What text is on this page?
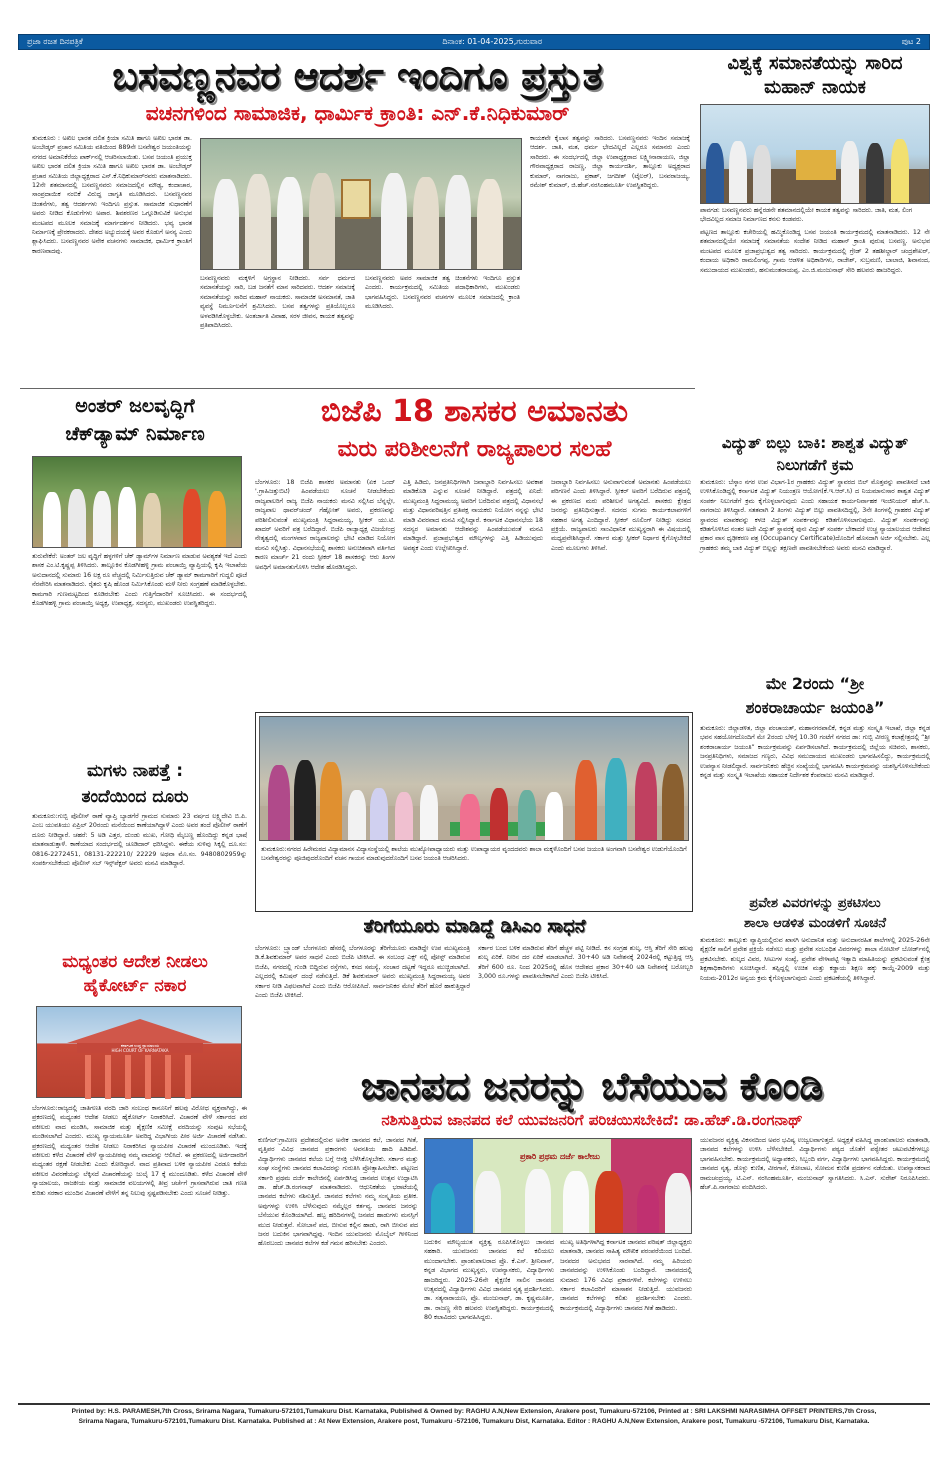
ಪ್ರಜಾ ರಜತ ದಿನಪತ್ರಿಕೆ	ದಿನಾಂಕ: 01-04-2025,ಗುರುವಾರ	ಪುಟ 2
ಬಸವಣ್ಣನವರ ಆದರ್ಶ ಇಂದಿಗೂ ಪ್ರಸ್ತುತ
ವಚನಗಳಿಂದ ಸಾಮಾಜಿಕ, ಧಾರ್ಮಿಕ ಕ್ರಾಂತಿ: ಎನ್.ಕೆ.ನಿಧಿಕುಮಾರ್
ತುಮಕೂರು : ಅಖಿಲ ಭಾರತ ದಲಿತ ಕ್ರಿಯಾ ಸಮಿತಿ ಹಾಗೂ ಅಖಿಲ ಭಾರತ ಡಾ. ಅಂಬೇಡ್ಕರ್ ಪ್ರಚಾರ ಸಮಿತಿಯ ವತಿಯಿಂದ 889ನೇ ಬಸವೇಶ್ವರ ಜಯಂತಿಯನ್ನು ನಗರದ ಅಮಾನಿಕೆರೆಯ ಪಾರ್ಕ್‌ನಲ್ಲಿ ಆಚರಿಸಲಾಯಿತು. ಬಸವ ಜಯಂತಿ ಪ್ರಯುಕ್ತ ಅಖಿಲ ಭಾರತ ದಲಿತ ಕ್ರಿಯಾ ಸಮಿತಿ ಹಾಗೂ ಅಖಿಲ ಭಾರತ ಡಾ. ಅಂಬೇಡ್ಕರ್ ಪ್ರಚಾರ ಸಮಿತಿಯ ಜಿಲ್ಲಾಧ್ಯಕ್ಷರಾದ ಎನ್.ಕೆ.ನಿಧಿಕುಮಾರ್‌ರವರು ಮಾತನಾಡಿದರು. 12ನೇ ಶತಮಾನದಲ್ಲಿ ಬಸವಣ್ಣನವರು ಸಮಾಜದಲ್ಲಿನ ಮೌಢ್ಯ, ಕಂದಾಚಾರ, ಸಾಂಪ್ರದಾಯಿಕ ನಂಬಿಕೆ ವಿರುದ್ಧ ಜಾಗೃತಿ ಮೂಡಿಸಿದರು. ಬಸವಣ್ಣನವರ ಚಿಂತನೆಗಳು, ತತ್ವ ಆದರ್ಶಗಳು ಇಂದಿಗೂ ಪ್ರಸ್ತುತ. ಸಾಮಾಜಿಕ ಸುಧಾರಣೆಗೆ ಅವರು ನೀಡಿದ ಕೊಡುಗೆಗಳು ಅಪಾರ. ಶಿವಶರಣರ ಒಗ್ಗೂಡಿಸುವಿಕೆ ಅನುಭವ ಮಂಟಪದ ಮೂಲಕ ಸಮಾಜಕ್ಕೆ ಮಾರ್ಗದರ್ಶನ ನೀಡಿದರು. ಭವ್ಯ ಭಾರತ ನಿರ್ಮಾಣಕ್ಕೆ ಪ್ರೇರಕರಾದರು. ದೇಶದ ಅಭ್ಯುದಯಕ್ಕೆ ಅವರ ಕೊಡುಗೆ ಅನನ್ಯ ಎಂದು ಶ್ಲಾಘಿಸಿದರು. ಬಸವಣ್ಣನವರ ಅನೇಕ ವಚನಗಳು ಸಾಮಾಜಿಕ, ಧಾರ್ಮಿಕ ಕ್ರಾಂತಿಗೆ ಕಾರಣವಾದವು.
ಬಸವಣ್ಣನವರು ಮಕ್ಕಳಿಗೆ ಅಗ್ರಸ್ಥಾನ ನೀಡಿದರು. ಸರ್ವ ಧರ್ಮದ ಸಮಾನತೆಯನ್ನು ಸಾರಿ, ಬಡ ಜನತೆಗೆ ಮಾನ ಸಾರಿದವರು. ಆದರ್ಶ ಸಮಾಜಕ್ಕೆ ಸಮಾನತೆಯನ್ನು ಸಾರಿದ ಮಹಾನ್ ನಾಯಕರು. ಸಾಮಾಜಿಕ ಅಸಮಾನತೆ, ಜಾತಿ ವ್ಯವಸ್ಥೆ ನಿರ್ಮೂಲನೆಗೆ ಶ್ರಮಿಸಿದರು. ಬಸವ ತತ್ವಗಳನ್ನು ಪ್ರತಿಯೊಬ್ಬರೂ ಅಳವಡಿಸಿಕೊಳ್ಳಬೇಕು. ಅಂತರ್ಜಾತಿ ವಿವಾಹ, ಸರಳ ಜೀವನ, ಕಾಯಕ ತತ್ವವನ್ನು ಪ್ರತಿಪಾದಿಸಿದರು.
ಬಸವಣ್ಣನವರು ಅವರ ಸಾಮಾಜಿಕ ತತ್ವ ಚಿಂತನೆಗಳು ಇಂದಿಗೂ ಪ್ರಸ್ತುತ ಎಂದರು. ಕಾರ್ಯಕ್ರಮದಲ್ಲಿ ಸಮಿತಿಯ ಪದಾಧಿಕಾರಿಗಳು, ಮುಖಂಡರು ಭಾಗವಹಿಸಿದ್ದರು. ಬಸವಣ್ಣನವರ ವಚನಗಳ ಮೂಲಕ ಸಮಾಜದಲ್ಲಿ ಕ್ರಾಂತಿ ಮೂಡಿಸಿದರು.
ಕಾಯಕವೇ ಕೈಲಾಸ ತತ್ವವನ್ನು ಸಾರಿದರು. ಬಸವಣ್ಣನವರು ಇಂದಿನ ಸಮಾಜಕ್ಕೆ ಆದರ್ಶ. ಜಾತಿ, ಮತ, ಧರ್ಮ ಭೇದವಿಲ್ಲದೆ ಎಲ್ಲರೂ ಸಮಾನರು ಎಂದು ಸಾರಿದರು. ಈ ಸಂದರ್ಭದಲ್ಲಿ ಜಿಲ್ಲಾ ಉಪಾಧ್ಯಕ್ಷರಾದ ಲಕ್ಷ್ಮೀನಾರಾಯಣ, ಜಿಲ್ಲಾ ಗೌರವಾಧ್ಯಕ್ಷರಾದ ರಾಜಣ್ಣ, ಜಿಲ್ಲಾ ಕಾರ್ಯದರ್ಶಿ, ತಾಲ್ಲೂಕು ಅಧ್ಯಕ್ಷರಾದ ಕುಮಾರ್, ನಾಗರಾಜು, ಪ್ರಕಾಶ್, ಜಗದೀಶ್ (ಟೈಲರ್), ಬಸವರಾಜಯ್ಯ, ರಮೇಶ್ ಕುಮಾರ್, ಜಿ.ಹೆಚ್.ನರಸಿಂಹಮೂರ್ತಿ ಉಪಸ್ಥಿತರಿದ್ದರು.
ವಿಶ್ವಕ್ಕೆ ಸಮಾನತೆಯನ್ನು ಸಾರಿದ ಮಹಾನ್ ನಾಯಕ
ಪಾವಗಡ: ಬಸವಣ್ಣನವರು ಹನ್ನೆರಡನೇ ಶತಮಾನದಲ್ಲಿಯೇ ಕಾಯಕ ತತ್ವವನ್ನು ಸಾರಿದರು. ಜಾತಿ, ಮತ, ಲಿಂಗ ಭೇದವಿಲ್ಲದ ಸಮಾಜ ನಿರ್ಮಾಣದ ಕನಸು ಕಂಡವರು.
ಪಟ್ಟಣದ ತಾಲ್ಲೂಕು ಕಚೇರಿಯಲ್ಲಿ ಹಮ್ಮಿಕೊಂಡಿದ್ದ ಬಸವ ಜಯಂತಿ ಕಾರ್ಯಕ್ರಮದಲ್ಲಿ ಮಾತನಾಡಿದರು. 12 ನೇ ಶತಮಾನದಲ್ಲಿಯೇ ಸಮಾಜಕ್ಕೆ ಸಮಾನತೆಯ ಸಂದೇಶ ನೀಡಿದ ಮಹಾನ್ ಕ್ರಾಂತಿ ಪುರುಷ ಬಸವಣ್ಣ. ಅನುಭವ ಮಂಟಪದ ಮೂಲಕ ಪ್ರಜಾಪ್ರಭುತ್ವದ ತತ್ವ ಸಾರಿದರು. ಕಾರ್ಯಕ್ರಮದಲ್ಲಿ ಗ್ರೇಡ್ 2 ತಹಶೀಲ್ದಾರ್ ಚಂದ್ರಶೇಖರ್, ಕಂದಾಯ ಅಧಿಕಾರಿ ರಾಮಲಿಂಗಪ್ಪ, ಗ್ರಾಮ ಆಡಳಿತ ಅಧಿಕಾರಿಗಳು, ರಾಜೇಶ್, ಸುಬ್ರಮಣಿ, ಬಾಲಾಜಿ, ಶಿವಾನಂದ, ಸಮುದಾಯದ ಮುಖಂಡರು, ಹನುಮಂತರಾಯಪ್ಪ, ಎಂ.ಜಿ.ಮಂಜುನಾಥ್ ಸೇರಿ ಹಲವರು ಹಾಜರಿದ್ದರು.
ಅಂತರ್ ಜಲವೃದ್ಧಿಗೆ
ಚೆಕ್‌ಡ್ಯಾಮ್ ನಿರ್ಮಾಣ
ತುರುವೇಕೆರೆ: ಅಂತರ್ ಜಲ ವೃದ್ಧಿಗೆ ಹಳ್ಳಗಳಿಗೆ ಚೆಕ್ ಡ್ಯಾಮ್‌ಗಳ ನಿರ್ಮಾಣ ಮಾಡುವ ಅವಶ್ಯಕತೆ ಇದೆ ಎಂದು ಶಾಸಕ ಎಂ.ಟಿ.ಕೃಷ್ಣಪ್ಪ ತಿಳಿಸಿದರು. ತಾಲ್ಲೂಕಿನ ಕೊಡಗೀಹಳ್ಳಿ ಗ್ರಾಮ ಪಂಚಾಯ್ತಿ ವ್ಯಾಪ್ತಿಯಲ್ಲಿ ಕೃಷಿ ಇಲಾಖೆಯ ಅನುದಾನದಲ್ಲಿ ಸುಮಾರು 16 ಲಕ್ಷ ರೂ ವೆಚ್ಚದಲ್ಲಿ ನಿರ್ಮಿಸುತ್ತಿರುವ ಚೆಕ್ ಡ್ಯಾಮ್ ಕಾಮಗಾರಿಗೆ ಗುದ್ದಲಿ ಪೂಜೆ ನೆರವೇರಿಸಿ ಮಾತನಾಡಿದರು. ರೈತರು ಕೃಷಿ ಹೊಂಡ ನಿರ್ಮಿಸಿಕೊಂಡು ಮಳೆ ನೀರು ಸಂಗ್ರಹಣೆ ಮಾಡಿಕೊಳ್ಳಬೇಕು. ಕಾಮಗಾರಿ ಗುಣಮಟ್ಟದಿಂದ ಕೂಡಿರಬೇಕು ಎಂದು ಗುತ್ತಿಗೆದಾರರಿಗೆ ಸೂಚಿಸಿದರು. ಈ ಸಂದರ್ಭದಲ್ಲಿ ಕೊಡಗೀಹಳ್ಳಿ ಗ್ರಾಮ ಪಂಚಾಯ್ತಿ ಅಧ್ಯಕ್ಷ, ಉಪಾಧ್ಯಕ್ಷ, ಸದಸ್ಯರು, ಮುಖಂಡರು ಉಪಸ್ಥಿತರಿದ್ದರು.
ಬಿಜೆಪಿ 18 ಶಾಸಕರ ಅಮಾನತು
ಮರು ಪರಿಶೀಲನೆಗೆ ರಾಜ್ಯಪಾಲರ ಸಲಹೆ
ಬೆಂಗಳೂರು: 18 ಬಿಜೆಪಿ ಶಾಸಕರ ಅಮಾನತು (ಏಕ ಒಂದ್ '.ಗ್ರಾಹಿಜತ್ತುಬಿಟಿ) ಹಿಂಪಡೆಯಲು ಸೂಚನೆ ನೀಡಬೇಕೆಂದು ರಾಜ್ಯಪಾಲರಿಗೆ ರಾಜ್ಯ ಬಿಜೆಪಿ ನಾಯಕರು ಮನವಿ ಸಲ್ಲಿಸಿದ ಬೆನ್ನಲ್ಲೇ, ರಾಜ್ಯಪಾಲ ಥಾವರ್‌ಚಂದ್ ಗೆಹ್ಲೋತ್ ಅವರು, ಪ್ರಕರಣವನ್ನು ಪರಿಶೀಲಿಸುವಂತೆ ಮುಖ್ಯಮಂತ್ರಿ ಸಿದ್ದರಾಮಯ್ಯ, ಸ್ಪೀಕರ್ ಯು.ಟಿ. ಖಾದರ್ ಅವರಿಗೆ ಪತ್ರ ಬರೆದಿದ್ದಾರೆ. ಬಿಜೆಪಿ ರಾಜ್ಯಾಧ್ಯಕ್ಷ ವಿಜಯೇಂದ್ರ ನೇತೃತ್ವದಲ್ಲಿ ಮಂಗಳವಾರ ರಾಜ್ಯಪಾಲರನ್ನು ಭೇಟಿ ಮಾಡಿದ ನಿಯೋಗ ಮನವಿ ಸಲ್ಲಿಸಿತ್ತು. ವಿಧಾನಸಭೆಯಲ್ಲಿ ಶಾಸಕರು ಅನುಚಿತವಾಗಿ ವರ್ತಿಸಿದ ಕಾರಣ ಮಾರ್ಚ್ 21 ರಂದು ಸ್ಪೀಕರ್ 18 ಶಾಸಕರನ್ನು ಆರು ತಿಂಗಳ ಅವಧಿಗೆ ಅಮಾನತುಗೊಳಿಸಿ ಆದೇಶ ಹೊರಡಿಸಿದ್ದರು.
ಎತ್ತಿ ಹಿಡಿದು, ಜನಪ್ರತಿನಿಧಿಗಳಾಗಿ ಜವಾಬ್ದಾರಿ ನಿರ್ವಹಿಸಲು ಅವಕಾಶ ಮಾಡಿಕೊಡಿ ಎನ್ನುವ ಸೂಚನೆ ನೀಡಿದ್ದಾರೆ. ಪತ್ರದಲ್ಲಿ ಏನಿದೆ: ಮುಖ್ಯಮಂತ್ರಿ ಸಿದ್ದರಾಮಯ್ಯ ಅವರಿಗೆ ಬರೆದಿರುವ ಪತ್ರದಲ್ಲಿ ವಿಧಾನಸಭೆ ಮತ್ತು ವಿಧಾನಪರಿಷತ್ತಿನ ಪ್ರತಿಪಕ್ಷ ನಾಯಕರು ನಿಯೋಗ ನನ್ನನ್ನು ಭೇಟಿ ಮಾಡಿ ವಿವರವಾದ ಮನವಿ ಸಲ್ಲಿಸಿದ್ದಾರೆ. ಕರ್ನಾಟಕ ವಿಧಾನಸಭೆಯ 18 ಸದಸ್ಯರ ಅಮಾನತು ಆದೇಶವನ್ನು ಹಿಂಪಡೆಯುವಂತೆ ಮನವಿ ಮಾಡಿದ್ದಾರೆ. ಪ್ರಜಾಪ್ರಭುತ್ವದ ಮೌಲ್ಯಗಳನ್ನು ಎತ್ತಿ ಹಿಡಿಯುವುದು ಅವಶ್ಯಕ ಎಂದು ಉಲ್ಲೇಖಿಸಿದ್ದಾರೆ.
ಜವಾಬ್ದಾರಿ ನಿರ್ವಹಿಸಲು ಅನುವಾಗುವಂತೆ ಅಮಾನತು ಹಿಂಪಡೆಯಲು ಪರಿಗಣನೆ ಎಂದು ತಿಳಿಸಿದ್ದಾರೆ. ಸ್ಪೀಕರ್ ಅವರಿಗೆ ಬರೆದಿರುವ ಪತ್ರದಲ್ಲಿ ಈ ಪ್ರಕರಣದ ಮರು ಪರಿಶೀಲನೆ ಅಗತ್ಯವಿದೆ. ಶಾಸಕರು ಕ್ಷೇತ್ರದ ಜನರನ್ನು ಪ್ರತಿನಿಧಿಸುತ್ತಾರೆ. ಸದನದ ಸುಗಮ ಕಾರ್ಯಕಲಾಪಗಳಿಗೆ ಸಹಕಾರ ಅಗತ್ಯ ಎಂದಿದ್ದಾರೆ. ಸ್ಪೀಕರ್ ರೂಲಿಂಗ್ ನೀಡಿದ್ದು ಸದನದ ಪ್ರಕ್ರಿಯೆ. ರಾಜ್ಯಪಾಲರು ಸಾಂವಿಧಾನಿಕ ಮುಖ್ಯಸ್ಥರಾಗಿ ಈ ವಿಷಯದಲ್ಲಿ ಮಧ್ಯಪ್ರವೇಶಿಸಿದ್ದಾರೆ. ಸರ್ಕಾರ ಮತ್ತು ಸ್ಪೀಕರ್ ನಿರ್ಧಾರ ಕೈಗೊಳ್ಳಬೇಕಿದೆ ಎಂದು ಮೂಲಗಳು ತಿಳಿಸಿವೆ.
ವಿದ್ಯುತ್ ಬಿಲ್ಲು ಬಾಕಿ: ಶಾಶ್ವತ ವಿದ್ಯುತ್ ನಿಲುಗಡೆಗೆ ಕ್ರಮ
ತುಮಕೂರು: ಬೆಸ್ಕಾಂ ನಗರ ಉಪ ವಿಭಾಗ-1ರ ಗ್ರಾಹಕರು ವಿದ್ಯುತ್ ಸ್ಥಾವರದ ಬಿಲ್ ಮೊತ್ತವನ್ನು ಪಾವತಿಸದೆ ಬಾಕಿ ಉಳಿಸಿಕೊಂಡಿದ್ದಲ್ಲಿ ಕರ್ನಾಟಕ ವಿದ್ಯುತ್ ನಿಯಂತ್ರಣ ಆಯೋಗ(ಕೆ.ಇ.ಆರ್.ಸಿ) ದ ನಿಯಮಾನುಸಾರ ಶಾಶ್ವತ ವಿದ್ಯುತ್ ಸಂಪರ್ಕ ನಿಲುಗಡೆಗೆ ಕ್ರಮ ಕೈಗೊಳ್ಳಲಾಗುವುದು ಎಂದು ಸಹಾಯಕ ಕಾರ್ಯನಿರ್ವಾಹಕ ಇಂಜಿನಿಯರ್ ಹೆಚ್.ಸಿ. ನಾಗರಾಜು ತಿಳಿಸಿದ್ದಾರೆ. ಸತತವಾಗಿ 2 ತಿಂಗಳು ವಿದ್ಯುತ್ ಬಿಲ್ಲು ಪಾವತಿಸದಿದ್ದಲ್ಲಿ, 3ನೇ ತಿಂಗಳಲ್ಲಿ ಗ್ರಾಹಕರ ವಿದ್ಯುತ್ ಸ್ಥಾವರದ ಮಾಪಕವನ್ನು ಕಳಚಿ ವಿದ್ಯುತ್ ಸಂಪರ್ಕವನ್ನು ಕಡಿತಗೊಳಿಸಲಾಗುವುದು. ವಿದ್ಯುತ್ ಸಂಪರ್ಕವನ್ನು ಕಡಿತಗೊಳಿಸಿದ ನಂತರ ಅದೇ ವಿದ್ಯುತ್ ಸ್ಥಾವರಕ್ಕೆ ಪುನಃ ವಿದ್ಯುತ್ ಸಂಪರ್ಕ ಬೇಕಾದರೆ ಉಚ್ಚ ನ್ಯಾಯಾಲಯದ ಆದೇಶದ ಪ್ರಕಾರ ವಾಸ ಧೃಢೀಕರಣ ಪತ್ರ (Occupancy Certificate)ದೊಂದಿಗೆ ಹೊಸದಾಗಿ ಅರ್ಜಿ ಸಲ್ಲಿಸಬೇಕು. ಎಲ್ಲ ಗ್ರಾಹಕರು ತಮ್ಮ ಬಾಕಿ ವಿದ್ಯುತ್ ಬಿಲ್ಲನ್ನು ತಕ್ಷಣವೇ ಪಾವತಿಸಬೇಕೆಂದು ಅವರು ಮನವಿ ಮಾಡಿದ್ದಾರೆ.
ಮೇ 2ರಂದು “ಶ್ರೀ
ಶಂಕರಾಚಾರ್ಯ ಜಯಂತಿ”
ತುಮಕೂರು: ಜಿಲ್ಲಾಡಳಿತ, ಜಿಲ್ಲಾ ಪಂಚಾಯತ್, ಮಹಾನಗರಪಾಲಿಕೆ, ಕನ್ನಡ ಮತ್ತು ಸಂಸ್ಕೃತಿ ಇಲಾಖೆ, ಜಿಲ್ಲಾ ಕನ್ನಡ ಭವನ ಸಹಯೋಗದೊಂದಿಗೆ ಮೇ 2ರಂದು ಬೆಳಿಗ್ಗೆ 10.30 ಗಂಟೆಗೆ ನಗರದ ಡಾ: ಗುಬ್ಬಿ ವೀರಣ್ಣ ಕಲಾಕ್ಷೇತ್ರದಲ್ಲಿ “ಶ್ರೀ ಶಂಕರಾಚಾರ್ಯ ಜಯಂತಿ” ಕಾರ್ಯಕ್ರಮವನ್ನು ಏರ್ಪಡಿಸಲಾಗಿದೆ. ಕಾರ್ಯಕ್ರಮದಲ್ಲಿ ಜಿಲ್ಲೆಯ ಸಚಿವರು, ಶಾಸಕರು, ಜನಪ್ರತಿನಿಧಿಗಳು, ಸಮಾಜದ ಗಣ್ಯರು, ವಿವಿಧ ಸಮುದಾಯದ ಮುಖಂಡರು ಭಾಗವಹಿಸಲಿದ್ದು, ಕಾರ್ಯಕ್ರಮದಲ್ಲಿ ಉಪನ್ಯಾಸ ನೀಡಲಿದ್ದಾರೆ. ಸಾರ್ವಜನಿಕರು ಹೆಚ್ಚಿನ ಸಂಖ್ಯೆಯಲ್ಲಿ ಭಾಗವಹಿಸಿ ಕಾರ್ಯಕ್ರಮವನ್ನು ಯಶಸ್ವಿಗೊಳಿಸಬೇಕೆಂದು ಕನ್ನಡ ಮತ್ತು ಸಂಸ್ಕೃತಿ ಇಲಾಖೆಯ ಸಹಾಯಕ ನಿರ್ದೇಶಕ ಕೆಂಪರಾಜು ಮನವಿ ಮಾಡಿದ್ದಾರೆ.
ತುಮಕೂರು:ನಗರದ ಹಿರೇಮಠದ ವಿದ್ಯಾಮಾನಸ ವಿದ್ಯಾಸಂಸ್ಥೆಯಲ್ಲಿ ಶಾಲೆಯ ಮುಖ್ಯೋಪಾಧ್ಯಾಯರು ಮತ್ತು ಉಪಾಧ್ಯಾಯರ ವೃಂದದವರು ಶಾಲಾ ಮಕ್ಕಳೊಂದಿಗೆ ಬಸವ ಜಯಂತಿ ಅಂಗವಾಗಿ ಬಸವೇಶ್ವರ ಉಡುಗೆಯೊಂದಿಗೆ ಬಸವೇಶ್ವರರನ್ನು ಪೂಜಿಪುದರೊಂದಿಗೆ ವಚನ ಗಾಯನ ಮಾಡುವುದರೊಂದಿಗೆ ಬಸವ ಜಯಂತಿ ಆಚರಿಸಿದರು.
ಮಗಳು ನಾಪತ್ತೆ :
ತಂದೆಯಿಂದ ದೂರು
ತುಮಕೂರು:ಗುಬ್ಬಿ ಪೊಲೀಸ್ ಠಾಣೆ ವ್ಯಾಪ್ತಿ ಬ್ಯಾಡಗೆರೆ ಗ್ರಾಮದ ಸುಮಾರು 23 ವರ್ಷದ ಲಕ್ಷ್ಮಿದೇವಿ ಬಿ.ಪಿ. ಎಂಬ ಯುವತಿಯು ಏಪ್ರಿಲ್ 20ರಂದು ಮನೆಯಿಂದ ಕಾಣೆಯಾಗಿದ್ದಾಳೆ ಎಂದು ಅವರ ತಂದೆ ಪೊಲೀಸ್ ಠಾಣೆಗೆ ದೂರು ನೀಡಿದ್ದಾರೆ. ಚಹರೆ: 5 ಅಡಿ ಎತ್ತರ, ದುಂಡು ಮುಖ, ಗೋಧಿ ಮೈಬಣ್ಣ ಹೊಂದಿದ್ದು ಕನ್ನಡ ಭಾಷೆ ಮಾತನಾಡುತ್ತಾಳೆ. ಕಾಣೆಯಾದ ಸಂದರ್ಭದಲ್ಲಿ ಚೂಡಿದಾರ್ ಧರಿಸಿದ್ದಳು. ಈಕೆಯ ಸುಳಿವು ಸಿಕ್ಕಲ್ಲಿ ದೂ.ಸಂ: 0816-2272451, 08131-222210/ 22229 ಅಥವಾ ಮೊ.ಸಂ. 9480802959ನ್ನು ಸಂಪರ್ಕಿಸಬೇಕೆಂದು ಪೊಲೀಸ್ ಸಬ್ ಇನ್ಸ್‌ಪೆಕ್ಟರ್ ಅವರು ಮನವಿ ಮಾಡಿದ್ದಾರೆ.
ಮಧ್ಯಂತರ ಆದೇಶ ನೀಡಲು
ಹೈಕೋರ್ಟ್ ನಕಾರ
ಕರ್ನಾಟಕ ಉಚ್ಚ ನ್ಯಾಯಾಲಯ
HIGH COURT OF KARNATAKA
ಬೆಂಗಳೂರು:ರಾಜ್ಯದಲ್ಲಿ ಜಾತಿಗಣತಿ ವರದಿ ಜಾರಿ ಸಂಬಂಧ ಕಾನೂನಿಗೆ ಹಲವು ವಿರೋಧ ವ್ಯಕ್ತವಾಗಿದ್ದು, ಈ ಪ್ರಕರಣದಲ್ಲಿ ಮಧ್ಯಂತರ ಆದೇಶ ನೀಡಲು ಹೈಕೋರ್ಟ್ ನಿರಾಕರಿಸಿದೆ. ವಿಚಾರಣೆ ವೇಳೆ ಸರ್ಕಾರದ ಪರ ವಕೀಲರು ವಾದ ಮಂಡಿಸಿ, ಸಾಮಾಜಿಕ ಮತ್ತು ಶೈಕ್ಷಣಿಕ ಸಮೀಕ್ಷೆ ವರದಿಯನ್ನು ಸಂಪುಟ ಸಭೆಯಲ್ಲಿ ಮಂಡಿಸಲಾಗಿದೆ ಎಂದರು. ಮುಖ್ಯ ನ್ಯಾಯಮೂರ್ತಿ ಅವರಿದ್ದ ವಿಭಾಗೀಯ ಪೀಠ ಅರ್ಜಿ ವಿಚಾರಣೆ ನಡೆಸಿತು. ಪ್ರಕರಣದಲ್ಲಿ ಮಧ್ಯಂತರ ಆದೇಶ ನೀಡಲು ನಿರಾಕರಿಸಿದ ನ್ಯಾಯಪೀಠ ವಿಚಾರಣೆ ಮುಂದೂಡಿತು. ಇದಕ್ಕೆ ವಕೀಲರು ಕಳೆದ ವಿಚಾರಣೆ ವೇಳೆ ನ್ಯಾಯಪೀಠವು ನಮ್ಮ ವಾದವನ್ನು ಆಲಿಸಿದೆ. ಈ ಪ್ರಕರಣದಲ್ಲಿ ಅರ್ಜಿದಾರರಿಗೆ ಮಧ್ಯಂತರ ರಕ್ಷಣೆ ನೀಡಬೇಕು ಎಂದು ಕೋರಿದ್ದಾರೆ. ವಾದ ಪ್ರತಿವಾದ ಬಳಿಕ ನ್ಯಾಯಪೀಠ ಎರಡೂ ಕಡೆಯ ವಕೀಲರ ವಿವರಣೆಯನ್ನು ಲೆಕ್ಕಿಸದೆ ವಿಚಾರಣೆಯನ್ನು ಜುಲೈ 17 ಕ್ಕೆ ಮುಂದೂಡಿತು. ಕಳೆದ ವಿಚಾರಣೆ ವೇಳೆ ನ್ಯಾಯಾಲಯ, ರಾಜಕೀಯ ಮತ್ತು ಸಾಮಾಜಿಕ ವಲಯಗಳಲ್ಲಿ ತೀವ್ರ ಚರ್ಚೆಗೆ ಗ್ರಾಸವಾಗಿರುವ ಜಾತಿ ಗಣತಿ ಕುರಿತು ಸರಕಾರ ಮುಂದಿನ ವಿಚಾರಣೆ ವೇಳೆಗೆ ತನ್ನ ನಿಲುವು ಸ್ಪಷ್ಟಪಡಿಸಬೇಕು ಎಂದು ಸೂಚನೆ ನೀಡಿತ್ತು.
ತೆರಿಗೆಯೂರು ಮಾಡಿದ್ದೆ ಡಿಸಿಎಂ ಸಾಧನೆ
ಬೆಂಗಳೂರು: ಬ್ರ್ಯಾಂಡ್ ಬೆಂಗಳೂರು ಹೆಸರಲ್ಲಿ ಬೆಂಗಳೂರನ್ನು ತೆರಿಗೆಯೂರು ಮಾಡಿದ್ದೇ ಉಪ ಮುಖ್ಯಮಂತ್ರಿ ಡಿ.ಕೆ.ಶಿವಕುಮಾರ್ ಅವರ ಸಾಧನೆ ಎಂದು ಬಿಜೆಪಿ ಟೀಕಿಸಿದೆ. ಈ ಸಂಬಂಧ ಎಕ್ಸ್ ನಲ್ಲಿ ಪೋಸ್ಟ್ ಮಾಡಿರುವ ಬಿಜೆಪಿ, ನಗರದಲ್ಲಿ ಗುಂಡಿ ಬಿದ್ದಿರುವ ರಸ್ತೆಗಳು, ಕಸದ ಸಮಸ್ಯೆ, ಸಂಚಾರ ದಟ್ಟಣೆ ಇದ್ದರೂ ಮುಚ್ಚಿಡಲಾಗಿದೆ. ಎಲ್ಲದರಲ್ಲಿ ಕಮಿಷನ್ ದಂಧೆ ನಡೆಸುತ್ತಿದೆ. ಡಿಕೆ ಶಿವಕುಮಾರ್ ಅವರು ಮುಖ್ಯಮಂತ್ರಿ ಸಿದ್ದರಾಮಯ್ಯ ಅವರ ಸರ್ಕಾರ ನೀಡಿ ವಿಫಲವಾಗಿದೆ ಎಂದು ಬಿಜೆಪಿ ಆರೋಪಿಸಿದೆ. ಸಾರ್ವಜನಿಕರ ಮೇಲೆ ತೆರಿಗೆ ಹೊರೆ ಹಾಕುತ್ತಿದ್ದಾರೆ ಎಂದು ಬಿಜೆಪಿ ಟೀಕಿಸಿದೆ.
ಸರ್ಕಾರ ಬಂದ ಬಳಿಕ ಮಾಡಿರುವ ತೆರಿಗೆ ಹೆಚ್ಚಳ ಪಟ್ಟಿ ನೀಡಿದೆ. ಕಸ ಸಂಗ್ರಹ ಶುಲ್ಕ, ಆಸ್ತಿ ತೆರಿಗೆ ಸೇರಿ ಹಲವು ಶುಲ್ಕ ಏರಿಕೆ. ನೀರಿನ ದರ ಏರಿಕೆ ಮಾಡಲಾಗಿದೆ. 30+40 ಅಡಿ ನಿವೇಶನಕ್ಕೆ 2024ರಲ್ಲಿ ಕಟ್ಟುತ್ತಿದ್ದ ಆಸ್ತಿ ತೆರಿಗೆ 600 ರೂ. ನಿಂದ 2025ರಲ್ಲಿ ಹೊಸ ಆದೇಶದ ಪ್ರಕಾರ 30+40 ಅಡಿ ನಿವೇಶನಕ್ಕೆ ಬರೋಬ್ಬರಿ 3,000 ರೂ.ಗಳನ್ನು ಪಾವತಿಸಬೇಕಾಗಿದೆ ಎಂದು ಬಿಜೆಪಿ ಟೀಕಿಸಿದೆ.
ಪ್ರವೇಶ ವಿವರಗಳನ್ನು ಪ್ರಕಟಿಸಲು
ಶಾಲಾ ಆಡಳಿತ ಮಂಡಳಿಗೆ ಸೂಚನೆ
ತುಮಕೂರು: ತಾಲ್ಲೂಕು ವ್ಯಾಪ್ತಿಯಲ್ಲಿರುವ ಖಾಸಗಿ ಅನುದಾನಿತ ಮತ್ತು ಅನುದಾನರಹಿತ ಶಾಲೆಗಳಲ್ಲಿ 2025-26ನೇ ಶೈಕ್ಷಣಿಕ ಸಾಲಿಗೆ ಪ್ರವೇಶ ಪ್ರಕ್ರಿಯೆ ನಡೆಸಲು ಮತ್ತು ಪ್ರವೇಶ ಸಂಬಂಧಿತ ವಿವರಗಳನ್ನು ಶಾಲಾ ನೋಟೀಸ್ ಬೋರ್ಡ್‌ನಲ್ಲಿ ಪ್ರಕಟಿಸಬೇಕು. ಶುಲ್ಕದ ವಿವರ, ಸೀಟುಗಳ ಸಂಖ್ಯೆ, ಪ್ರವೇಶ ವೇಳಾಪಟ್ಟಿ ಇತ್ಯಾದಿ ಮಾಹಿತಿಯನ್ನು ಪ್ರಕಟಿಸುವಂತೆ ಕ್ಷೇತ್ರ ಶಿಕ್ಷಣಾಧಿಕಾರಿಗಳು ಸೂಚಿಸಿದ್ದಾರೆ. ತಪ್ಪಿದ್ದಲ್ಲಿ ಉಚಿತ ಮತ್ತು ಕಡ್ಡಾಯ ಶಿಕ್ಷಣ ಹಕ್ಕು ಕಾಯ್ದೆ-2009 ಮತ್ತು ನಿಯಮ-2012ರ ಅನ್ವಯ ಕ್ರಮ ಕೈಗೊಳ್ಳಲಾಗುವುದು ಎಂದು ಪ್ರಕಟಣೆಯಲ್ಲಿ ತಿಳಿಸಿದ್ದಾರೆ.
ಜಾನಪದ ಜನರನ್ನು ಬೆಸೆಯುವ ಕೊಂಡಿ
ನಶಿಸುತ್ತಿರುವ ಜಾನಪದ ಕಲೆ ಯುವಜನರಿಗೆ ಪರಿಚಯಿಸಬೇಕಿದೆ: ಡಾ.ಹೆಚ್.ಡಿ.ರಂಗನಾಥ್
ಕುಣಿಗಲ್:ಗ್ರಾಮೀಣ ಪ್ರದೇಶದಲ್ಲಿರುವ ಅನೇಕ ಜಾನಪದ ಕಲೆ, ಜಾನಪದ ಗೀತೆ, ವೃತ್ತಿಪರ ವಿವಿಧ ಜಾನಪದ ಪ್ರಕಾರಗಳು ಅವನತಿಯ ಹಾದಿ ಹಿಡಿದಿವೆ. ವಿದ್ಯಾರ್ಥಿಗಳು ಜಾನಪದ ಕಲೆಯ ಬಗ್ಗೆ ಆಸಕ್ತಿ ಬೆಳೆಸಿಕೊಳ್ಳಬೇಕು. ಸರ್ಕಾರ ಮತ್ತು ಸಂಘ ಸಂಸ್ಥೆಗಳು ಜಾನಪದ ಕಲಾವಿದರನ್ನು ಗುರುತಿಸಿ ಪ್ರೋತ್ಸಾಹಿಸಬೇಕು. ಪಟ್ಟಣದ ಸರ್ಕಾರಿ ಪ್ರಥಮ ದರ್ಜೆ ಕಾಲೇಜಿನಲ್ಲಿ ಏರ್ಪಡಿಸಿದ್ದ ಜಾನಪದ ಉತ್ಸವ ಉದ್ಘಾಟಿಸಿ ಡಾ. ಹೆಚ್.ಡಿ.ರಂಗನಾಥ್ ಮಾತನಾಡಿದರು. ಆಧುನಿಕತೆಯ ಭರಾಟೆಯಲ್ಲಿ ಜಾನಪದ ಕಲೆಗಳು ನಶಿಸುತ್ತಿವೆ. ಜಾನಪದ ಕಲೆಗಳು ನಮ್ಮ ಸಂಸ್ಕೃತಿಯ ಪ್ರತೀಕ. ಅವುಗಳನ್ನು ಉಳಿಸಿ ಬೆಳೆಸುವುದು ನಮ್ಮೆಲ್ಲರ ಕರ್ತವ್ಯ. ಜಾನಪದ ಜನರನ್ನು ಬೆಸೆಯುವ ಕೊಂಡಿಯಾಗಿದೆ. ಹಬ್ಬ ಹರಿದಿನಗಳಲ್ಲಿ ಜನಪದ ಹಾಡುಗಳು ಮನಸ್ಸಿಗೆ ಮುದ ನೀಡುತ್ತವೆ. ಸೋಬಾನೆ ಪದ, ಬೀಸುವ ಕಲ್ಲಿನ ಹಾಡು, ರಾಗಿ ಬೀಸುವ ಪದ ಜನರ ಬದುಕಿನ ಭಾಗವಾಗಿದ್ದವು. ಇಂದಿನ ಯುವಜನರು ಮೊಬೈಲ್ ಗೀಳಿನಿಂದ ಹೊರಬಂದು ಜಾನಪದ ಕಲೆಗಳ ಕಡೆ ಗಮನ ಹರಿಸಬೇಕು ಎಂದರು.
ಪ್ರಕಾರಿ ಪ್ರಥಮ ದರ್ಜೆ ಕಾಲೇಜು
ಬದುಕಿನ ಮೌಲ್ಯಯುತ ವ್ಯಕ್ತಿತ್ವ ರೂಪಿಸಿಕೊಳ್ಳಲು ಜಾನಪದ ಸಹಕಾರಿ. ಯುವಜನರು ಜಾನಪದ ಕಲೆ ಕಲಿಯಲು ಮುಂದಾಗಬೇಕು. ಪ್ರಾಂಶುಪಾಲರಾದ ಪ್ರೊ. ಕೆ.ಎಸ್. ಶ್ರೀನಿವಾಸ್, ಕನ್ನಡ ವಿಭಾಗದ ಮುಖ್ಯಸ್ಥರು, ಉಪನ್ಯಾಸಕರು, ವಿದ್ಯಾರ್ಥಿಗಳು ಹಾಜರಿದ್ದರು. 2025-26ನೇ ಶೈಕ್ಷಣಿಕ ಸಾಲಿನ ಜಾನಪದ ಉತ್ಸವದಲ್ಲಿ ವಿದ್ಯಾರ್ಥಿಗಳು ವಿವಿಧ ಜಾನಪದ ನೃತ್ಯ ಪ್ರದರ್ಶಿಸಿದರು. ಡಾ. ಸತ್ಯನಾರಾಯಣ, ಪ್ರೊ. ಮಂಜುನಾಥ್, ಡಾ. ಕೃಷ್ಣಮೂರ್ತಿ, ಡಾ. ರಾಜಣ್ಣ ಸೇರಿ ಹಲವರು ಉಪಸ್ಥಿತರಿದ್ದರು. ಕಾರ್ಯಕ್ರಮದಲ್ಲಿ 80 ಕಲಾವಿದರು ಭಾಗವಹಿಸಿದ್ದರು.
ಮುಖ್ಯ ಅತಿಥಿಗಳಾಗಿದ್ದ ಕರ್ನಾಟಕ ಜಾನಪದ ಪರಿಷತ್ ಜಿಲ್ಲಾಧ್ಯಕ್ಷರು ಮಾತನಾಡಿ, ಜಾನಪದ ಸಾಹಿತ್ಯ ಮೌಖಿಕ ಪರಂಪರೆಯಿಂದ ಬಂದಿದೆ. ಜನಪದರ ಅನುಭವದ ಸಾರವಾಗಿದೆ. ನಮ್ಮ ಹಿರಿಯರು ಜಾನಪದವನ್ನು ಉಳಿಸಿಕೊಂಡು ಬಂದಿದ್ದಾರೆ. ಜಾನಪದದಲ್ಲಿ ಸುಮಾರು 176 ವಿವಿಧ ಪ್ರಕಾರಗಳಿವೆ. ಕಲೆಗಳನ್ನು ಉಳಿಸಲು ಸರ್ಕಾರ ಕಲಾವಿದರಿಗೆ ಮಾಸಾಶನ ನೀಡುತ್ತಿದೆ. ಯುವಜನರು ಜಾನಪದ ಕಲೆಗಳನ್ನು ಕಲಿತು ಪ್ರದರ್ಶಿಸಬೇಕು ಎಂದರು. ಕಾರ್ಯಕ್ರಮದಲ್ಲಿ ವಿದ್ಯಾರ್ಥಿಗಳು ಜಾನಪದ ಗೀತೆ ಹಾಡಿದರು.
ಯುವಜನರ ವ್ಯಕ್ತಿತ್ವ ವಿಕಸನದಿಂದ ಅವರ ಭವಿಷ್ಯ ಉಜ್ವಲವಾಗುತ್ತದೆ. ಅಧ್ಯಕ್ಷತೆ ವಹಿಸಿದ್ದ ಪ್ರಾಂಶುಪಾಲರು ಮಾತನಾಡಿ, ಜಾನಪದ ಕಲೆಗಳನ್ನು ಉಳಿಸಿ ಬೆಳೆಸಬೇಕಿದೆ. ವಿದ್ಯಾರ್ಥಿಗಳು ಪಠ್ಯದ ಜೊತೆಗೆ ಪಠ್ಯೇತರ ಚಟುವಟಿಕೆಗಳಲ್ಲೂ ಭಾಗವಹಿಸಬೇಕು. ಕಾರ್ಯಕ್ರಮದಲ್ಲಿ ಅಧ್ಯಾಪಕರು, ಸಿಬ್ಬಂದಿ ವರ್ಗ, ವಿದ್ಯಾರ್ಥಿಗಳು ಭಾಗವಹಿಸಿದ್ದರು. ಕಾರ್ಯಕ್ರಮದಲ್ಲಿ ಜಾನಪದ ನೃತ್ಯ, ಡೊಳ್ಳು ಕುಣಿತ, ವೀರಗಾಸೆ, ಕೋಲಾಟ, ಸೋಮನ ಕುಣಿತ ಪ್ರದರ್ಶನ ನಡೆಯಿತು. ಉಪನ್ಯಾಸಕರಾದ ರಾಮಚಂದ್ರಯ್ಯ, ಟಿ.ಎನ್. ನರಸಿಂಹಮೂರ್ತಿ, ಮಂಜುನಾಥ್ ಸ್ವಾಗತಿಸಿದರು. ಸಿ.ಎಸ್. ಸುರೇಶ್ ನಿರೂಪಿಸಿದರು. ಹೆಚ್.ಪಿ.ನಾಗರಾಜು ವಂದಿಸಿದರು.
Printed by: H.S. PARAMESH,7th Cross, Srirama Nagara, Tumakuru-572101,Tumakuru Dist. Karnataka, Published & Owned by: RAGHU A.N,New Extension, Arakere post, Tumakuru-572106, Printed at : SRI LAKSHMI NARASIMHA OFFSET PRINTERS,7th Cross,
Srirama Nagara, Tumakuru-572101,Tumakuru Dist. Karnataka. Published at : At New Extension, Arakere post, Tumakuru -572106, Tumakuru Dist, Karnataka. Editor : RAGHU A.N,New Extension, Arakere post, Tumakuru -572106, Tumakuru Dist, Karnataka.
